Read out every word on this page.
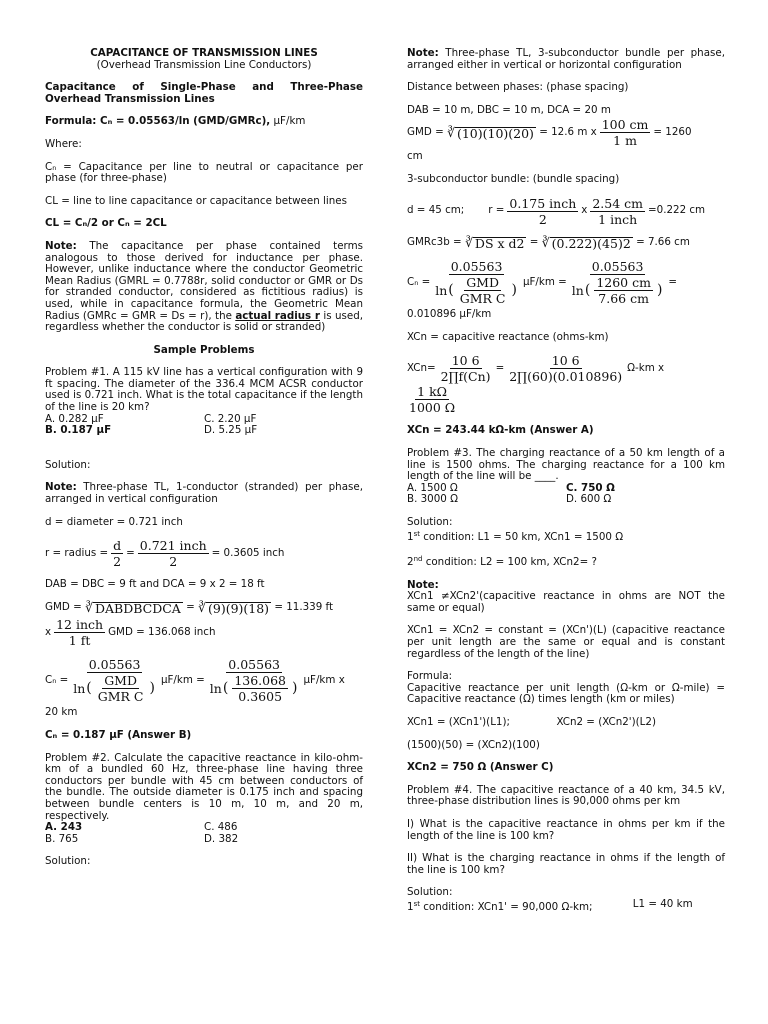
CAPACITANCE OF TRANSMISSION LINES
(Overhead Transmission Line Conductors)
Capacitance of Single-Phase and Three-Phase Overhead Transmission Lines
Formula: Cₙ = 0.05563/ln (GMD/GMRc), μF/km
Where:
Cₙ = Capacitance per line to neutral or capacitance per phase (for three-phase)
CL = line to line capacitance or capacitance between lines
CL = Cₙ/2 or Cₙ = 2CL
Note: The capacitance per phase contained terms analogous to those derived for inductance per phase. However, unlike inductance where the conductor Geometric Mean Radius (GMRL = 0.7788r, solid conductor or GMR or Ds for stranded conductor, considered as fictitious radius) is used, while in capacitance formula, the Geometric Mean Radius (GMRc = GMR = Ds = r), the actual radius r is used, regardless whether the conductor is solid or stranded)
Sample Problems
Problem #1. A 115 kV line has a vertical configuration with 9 ft spacing. The diameter of the 336.4 MCM ACSR conductor used is 0.721 inch. What is the total capacitance if the length of the line is 20 km?
A. 0.282 μF	C. 2.20 μF
B. 0.187 μF	D. 5.25 μF
Solution:
Note: Three-phase TL, 1-conductor (stranded) per phase, arranged in vertical configuration
d = diameter = 0.721 inch
r = radius = $\frac{d}{2} = \frac{\text{0.721 inch}}{2} = 0.3605$ inch
DAB = DBC = 9 ft and DCA = 9 x 2 = 18 ft
GMD =
∛ DABDBCDCA
=
∛ (9)(9)(18)
= 11.339 ft
x $\frac{\text{12 inch}}{1 ft}$ GMD = 136.068 inch
$C_n = \frac{0.05563}{\ln ( \frac{\text{GMD}}{\text{GMR C}} )} \mu F/km = \frac{0.05563}{\ln ( \frac{136.068}{0.3605} )} \mu F/km$ x
20 km
Cₙ = 0.187 μF (Answer B)
Problem #2. Calculate the capacitive reactance in kilo-ohm-km of a bundled 60 Hz, three-phase line having three conductors per bundle with 45 cm between conductors of the bundle. The outside diameter is 0.175 inch and spacing between bundle centers is 10 m, 10 m, and 20 m, respectively.
A. 243	C. 486
B. 765	D. 382
Solution:
Note: Three-phase TL, 3-subconductor bundle per phase, arranged either in vertical or horizontal configuration
Distance between phases: (phase spacing)
DAB = 10 m, DBC = 10 m, DCA = 20 m
GMD =
∛ (10)(10)(20)
= 12.6 m x $\frac{100 cm}{1 m} = 1260$
cm
3-subconductor bundle: (bundle spacing)
d = 45 cm; $r = \frac{\text{0.175 inch}}{2}$ x $\frac{2.54 cm}{\text{1 inch}} =0.222$ cm
GMRc3b =
∛ DS x d2
=
∛ (0.222)(45)2
= 7.66 cm
$C_n = \frac{0.05563}{\ln ( \frac{\text{GMD}}{\text{GMR C}} )} \mu F/km = \frac{0.05563}{\ln ( \frac{1260 cm}{7.66 cm} )}$ =
0.010896 μF/km
XCn = capacitive reactance (ohms-km)
$XCn= \frac{10 6}{2\prod f(Cn)} = \frac{10 6}{2\prod(60)(0.010896)} \Omega-km$ x
$\frac{1 k\Omega}{1000 \Omega}$
XCn = 243.44 kΩ-km (Answer A)
Problem #3. The charging reactance of a 50 km length of a line is 1500 ohms. The charging reactance for a 100 km length of the line will be ____.
A. 1500 Ω	C. 750 Ω
B. 3000 Ω	D. 600 Ω
Solution:
1st condition: L1 = 50 km, XCn1 = 1500 Ω
2nd condition: L2 = 100 km, XCn2= ?
Note:
XCn1 ≠XCn2'(capacitive reactance in ohms are NOT the same or equal)
XCn1 = XCn2 = constant = (XCn')(L) (capacitive reactance per unit length are the same or equal and is constant regardless of the length of the line)
Formula:
Capacitive reactance per unit length (Ω-km or Ω-mile) = Capacitive reactance (Ω) times length (km or miles)
XCn1 = (XCn1')(L1);	XCn2 = (XCn2')(L2)
(1500)(50) = (XCn2)(100)
XCn2 = 750 Ω (Answer C)
Problem #4. The capacitive reactance of a 40 km, 34.5 kV, three-phase distribution lines is 90,000 ohms per km
I) What is the capacitive reactance in ohms per km if the length of the line is 100 km?
II) What is the charging reactance in ohms if the length of the line is 100 km?
Solution:
1st condition: XCn1' = 90,000 Ω-km;	L1 = 40 km
